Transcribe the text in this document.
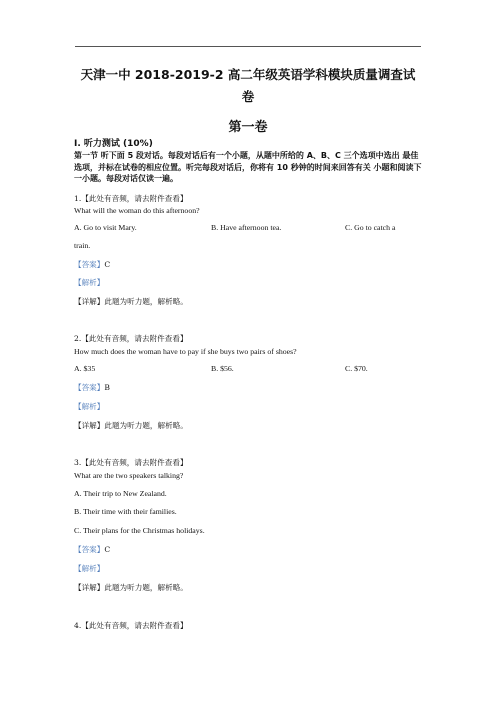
天津一中 2018-2019-2 高二年级英语学科模块质量调查试
卷
第一卷
I. 听力测试 (10%)
第一节 听下面 5 段对话。每段对话后有一个小题，从题中所给的 A、B、C 三个选项中选出 最佳选项，并标在试卷的相应位置。听完每段对话后，你将有 10 秒钟的时间来回答有关 小题和阅读下一小题。每段对话仅读一遍。
1.【此处有音频，请去附件查看】
What will the woman do this afternoon?
A. Go to visit Mary.	B. Have afternoon tea.	C. Go to catch a
train.
【答案】C
【解析】
【详解】此题为听力题，解析略。
2.【此处有音频，请去附件查看】
How much does the woman have to pay if she buys two pairs of shoes?
A. $35	B. $56.	C. $70.
【答案】B
【解析】
【详解】此题为听力题，解析略。
3.【此处有音频，请去附件查看】
What are the two speakers talking?
A. Their trip to New Zealand.
B. Their time with their families.
C. Their plans for the Christmas holidays.
【答案】C
【解析】
【详解】此题为听力题，解析略。
4.【此处有音频，请去附件查看】
